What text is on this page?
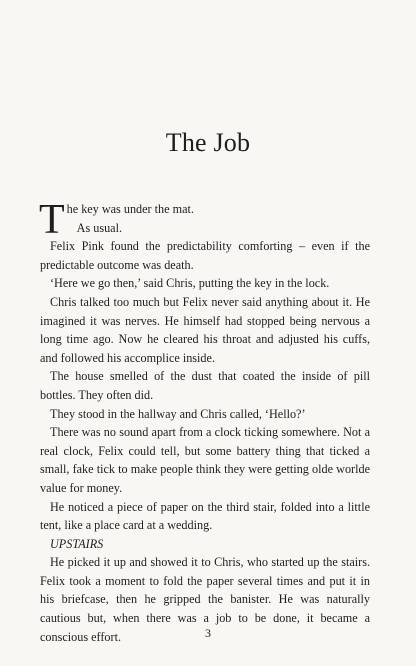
The Job

The key was under the mat.

As usual.

Felix Pink found the predictability comforting – even if the predictable outcome was death.

‘Here we go then,’ said Chris, putting the key in the lock.

Chris talked too much but Felix never said anything about it. He imagined it was nerves. He himself had stopped being nervous a long time ago. Now he cleared his throat and adjusted his cuffs, and followed his accomplice inside.

The house smelled of the dust that coated the inside of pill bottles. They often did.

They stood in the hallway and Chris called, ‘Hello?’

There was no sound apart from a clock ticking somewhere. Not a real clock, Felix could tell, but some battery thing that ticked a small, fake tick to make people think they were getting olde worlde value for money.

He noticed a piece of paper on the third stair, folded into a little tent, like a place card at a wedding.

UPSTAIRS

He picked it up and showed it to Chris, who started up the stairs. Felix took a moment to fold the paper several times and put it in his briefcase, then he gripped the banister. He was naturally cautious but, when there was a job to be done, it became a conscious effort.	3
